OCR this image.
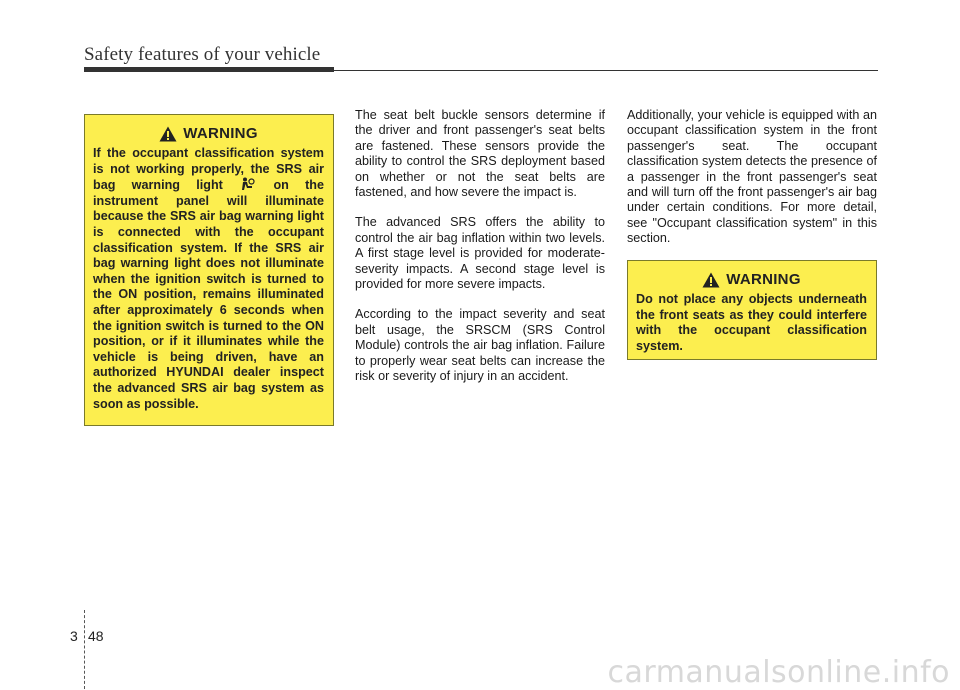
Safety features of your vehicle
WARNING

If the occupant classification system is not working properly, the SRS air bag warning light	on the instrument panel will illuminate because the SRS air bag warning light is connected with the occupant classification system. If the SRS air bag warning light does not illuminate when the ignition switch is turned to the ON position, remains illuminated after approximately 6 seconds when the ignition switch is turned to the ON position, or if it illuminates while the vehicle is being driven, have an authorized HYUNDAI dealer inspect the advanced SRS air bag system as soon as possible.

The seat belt buckle sensors determine if the driver and front passenger's seat belts are fastened. These sensors provide the ability to control the SRS deployment based on whether or not the seat belts are fastened, and how severe the impact is.

The advanced SRS offers the ability to control the air bag inflation within two levels. A first stage level is provided for moderate-severity impacts. A second stage level is provided for more severe impacts.

According to the impact severity and seat belt usage, the SRSCM (SRS Control Module) controls the air bag inflation. Failure to properly wear seat belts can increase the risk or severity of injury in an accident.

Additionally, your vehicle is equipped with an occupant classification system in the front passenger's seat. The occupant classification system detects the presence of a passenger in the front passenger's seat and will turn off the front passenger's air bag under certain conditions. For more detail, see "Occupant classification system" in this section.

WARNING

Do not place any objects underneath the front seats as they could interfere with the occupant classification system.

3 48
carmanualsonline.info
